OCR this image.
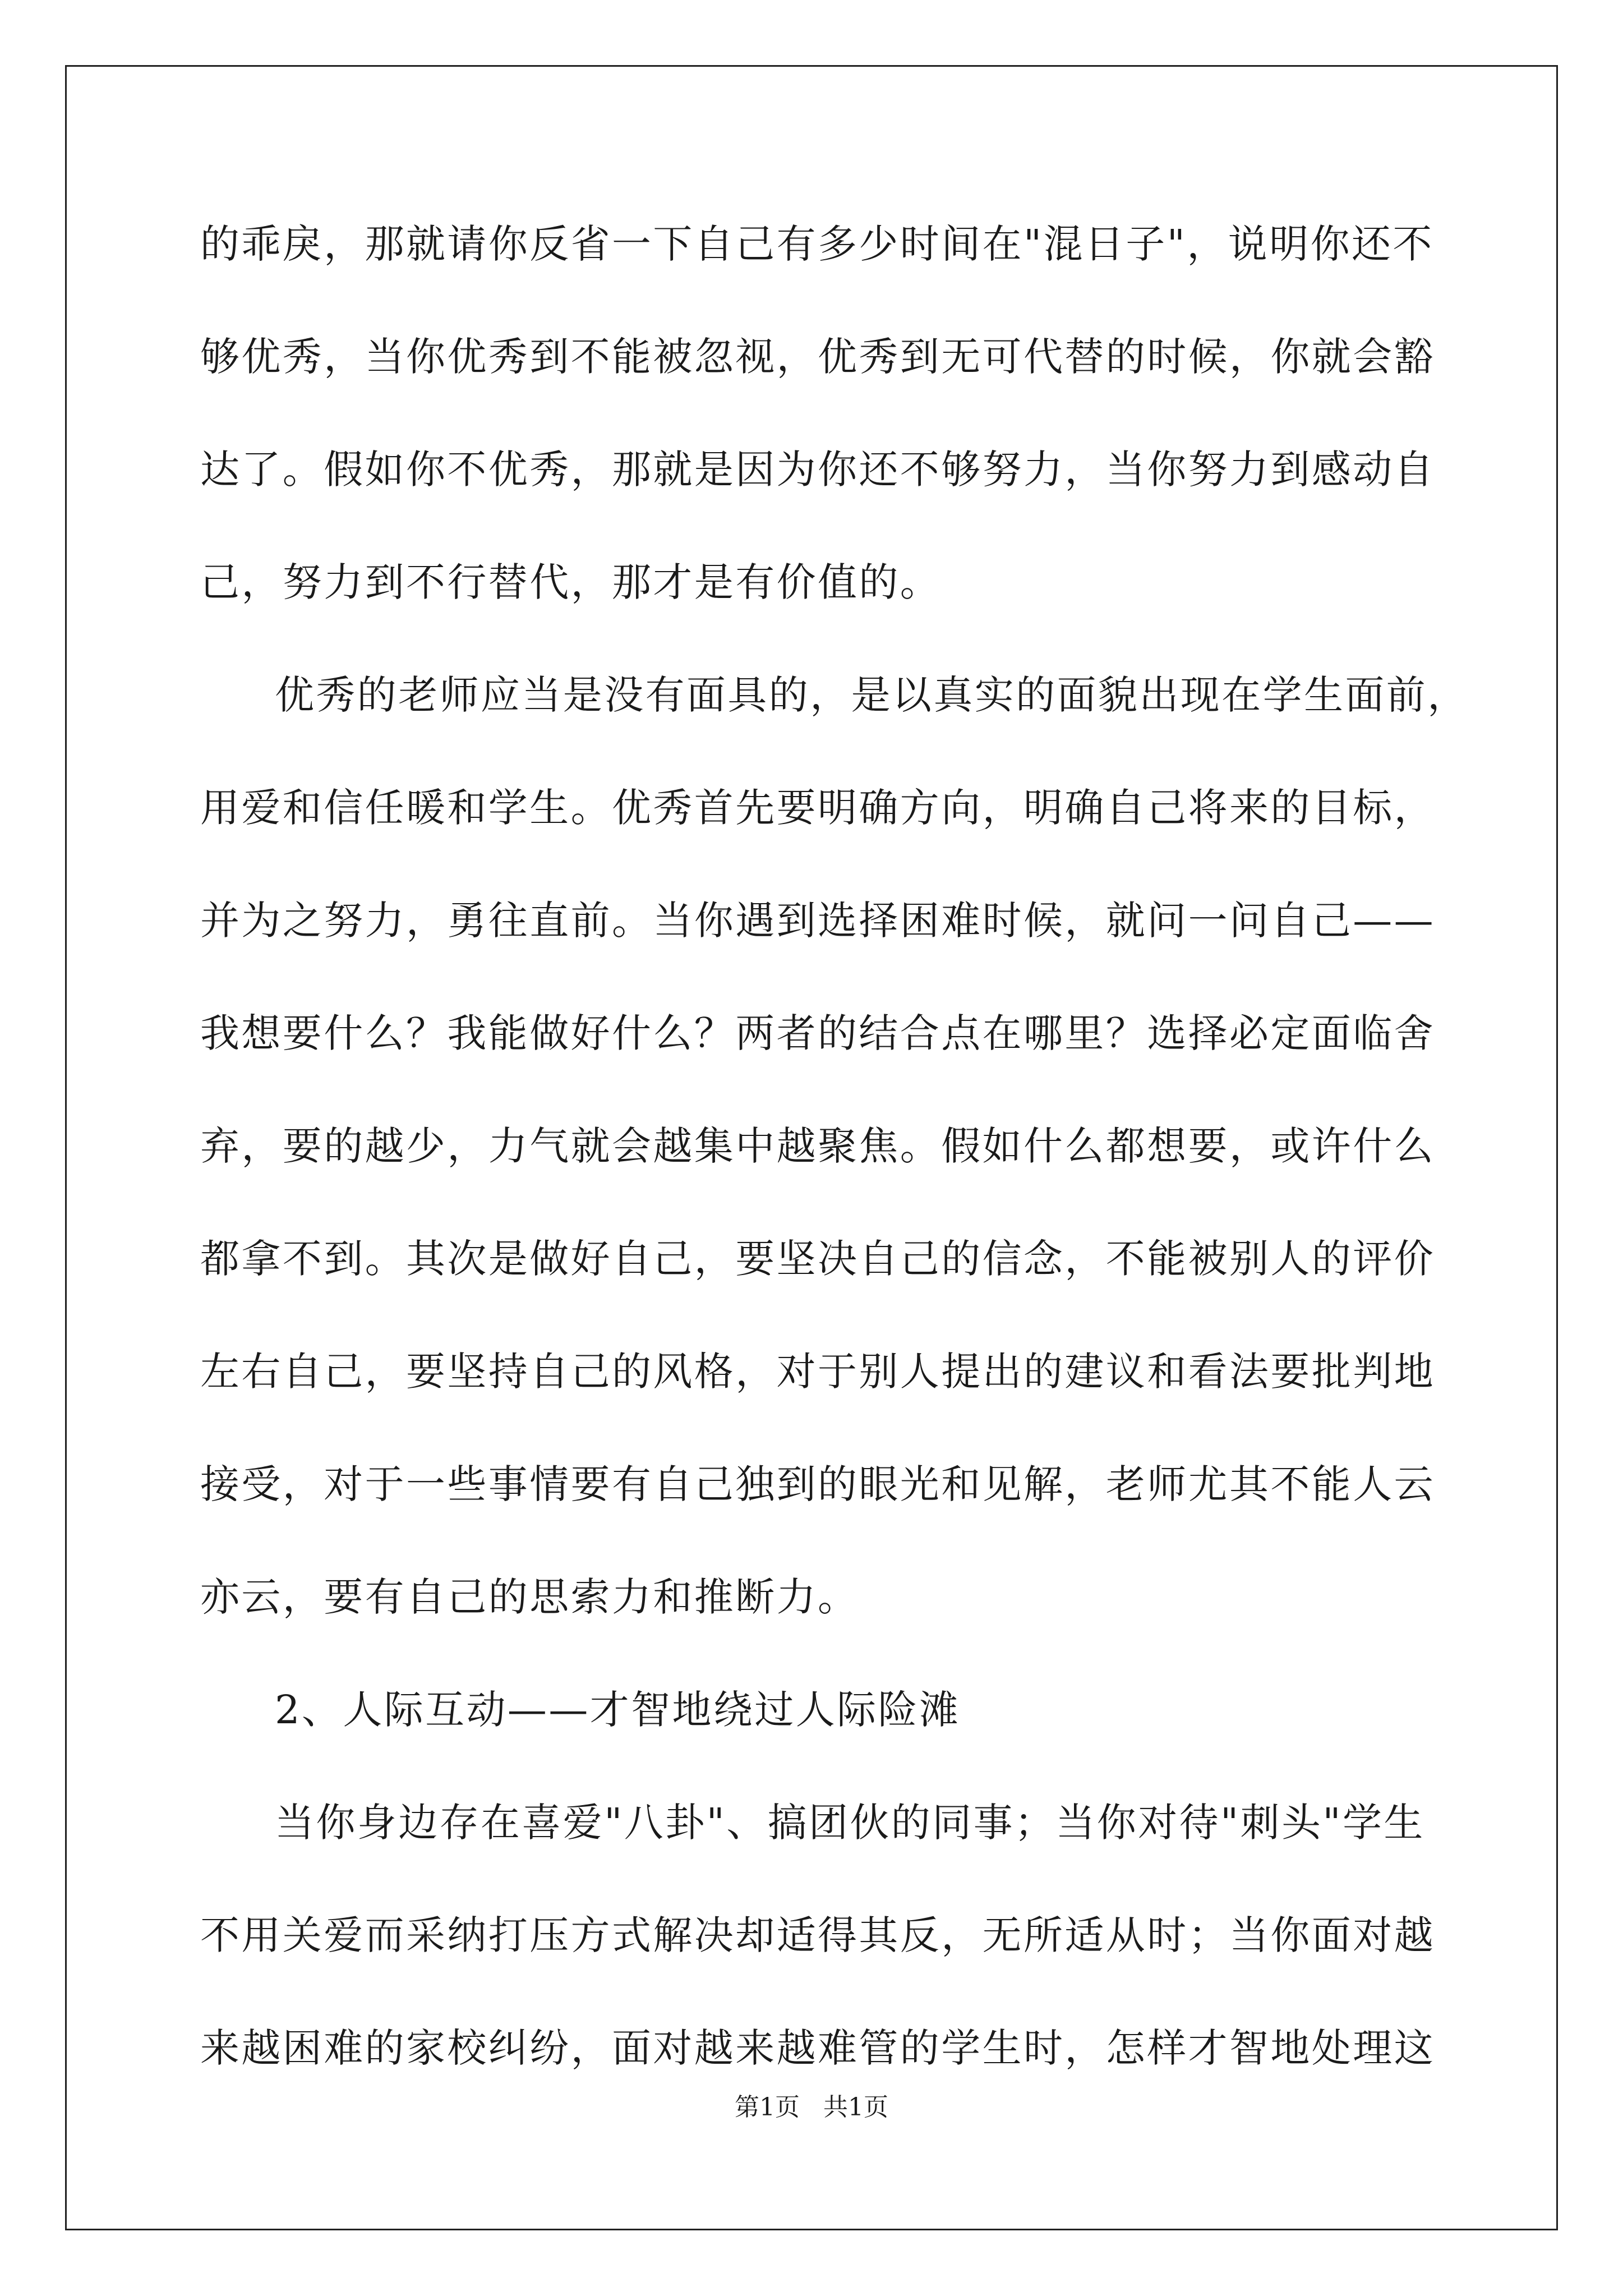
的乖戾，那就请你反省一下自己有多少时间在"混日子"，说明你还不
够优秀，当你优秀到不能被忽视，优秀到无可代替的时候，你就会豁
达了。假如你不优秀，那就是因为你还不够努力，当你努力到感动自
己，努力到不行替代，那才是有价值的。
优秀的老师应当是没有面具的，是以真实的面貌出现在学生面前，
用爱和信任暖和学生。优秀首先要明确方向，明确自己将来的目标，
并为之努力，勇往直前。当你遇到选择困难时候，就问一问自己——
我想要什么？我能做好什么？两者的结合点在哪里？选择必定面临舍
弃，要的越少，力气就会越集中越聚焦。假如什么都想要，或许什么
都拿不到。其次是做好自己，要坚决自己的信念，不能被别人的评价
左右自己，要坚持自己的风格，对于别人提出的建议和看法要批判地
接受，对于一些事情要有自己独到的眼光和见解，老师尤其不能人云
亦云，要有自己的思索力和推断力。
2、人际互动——才智地绕过人际险滩
当你身边存在喜爱"八卦"、搞团伙的同事；当你对待"刺头"学生
不用关爱而采纳打压方式解决却适得其反，无所适从时；当你面对越
来越困难的家校纠纷，面对越来越难管的学生时，怎样才智地处理这
第1页   共1页
